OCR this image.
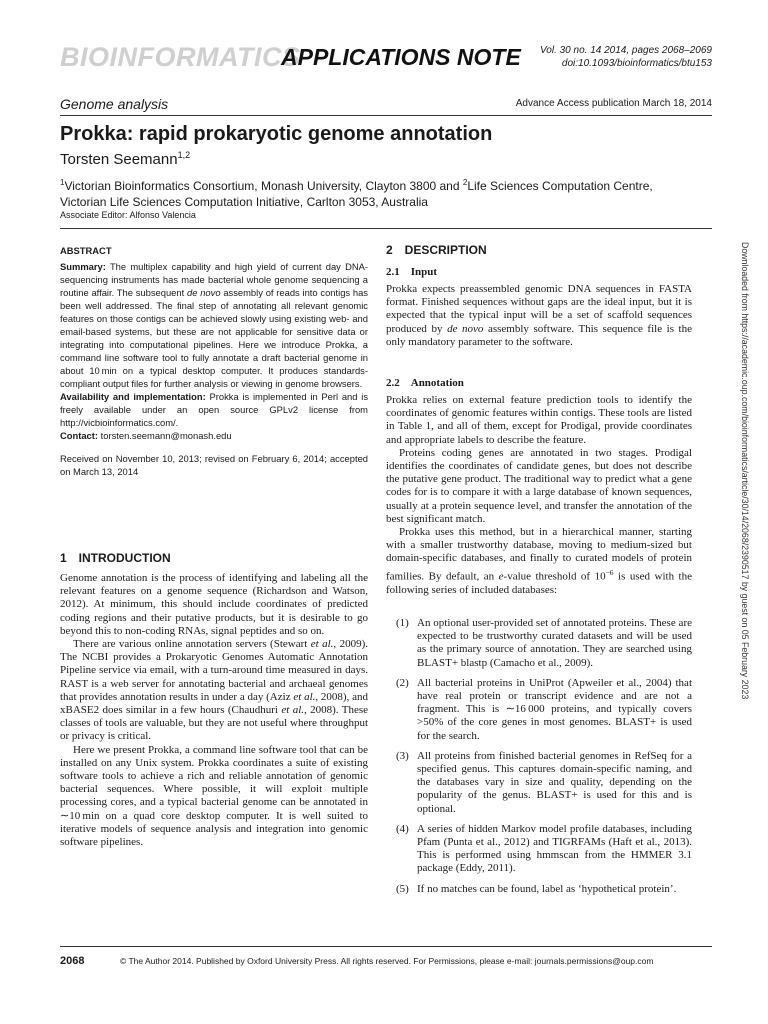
BIOINFORMATICS
APPLICATIONS NOTE Vol. 30 no. 14 2014, pages 2068–2069
doi:10.1093/bioinformatics/btu153
Genome analysis	Advance Access publication March 18, 2014
Prokka: rapid prokaryotic genome annotation
Torsten Seemann$^{1,2}$
$^1$Victorian Bioinformatics Consortium, Monash University, Clayton 3800 and $^2$Life Sciences Computation Centre, Victorian Life Sciences Computation Initiative, Carlton 3053, Australia
Associate Editor: Alfonso Valencia
ABSTRACT

Summary: The multiplex capability and high yield of current day DNA-sequencing instruments has made bacterial whole genome sequencing a routine affair. The subsequent de novo assembly of reads into contigs has been well addressed. The final step of annotating all relevant genomic features on those contigs can be achieved slowly using existing web- and email-based systems, but these are not applicable for sensitive data or integrating into computational pipelines. Here we introduce Prokka, a command line software tool to fully annotate a draft bacterial genome in about 10 min on a typical desktop computer. It produces standards-compliant output files for further analysis or viewing in genome browsers.

Availability and implementation: Prokka is implemented in Perl and is freely available under an open source GPLv2 license from http://vicbioinformatics.com/.

Contact: torsten.seemann@monash.edu

Received on November 10, 2013; revised on February 6, 2014; accepted on March 13, 2014

1 INTRODUCTION

Genome annotation is the process of identifying and labeling all the relevant features on a genome sequence (Richardson and Watson, 2012). At minimum, this should include coordinates of predicted coding regions and their putative products, but it is desirable to go beyond this to non-coding RNAs, signal peptides and so on.

There are various online annotation servers (Stewart et al., 2009). The NCBI provides a Prokaryotic Genomes Automatic Annotation Pipeline service via email, with a turn-around time measured in days. RAST is a web server for annotating bacterial and archaeal genomes that provides annotation results in under a day (Aziz et al., 2008), and xBASE2 does similar in a few hours (Chaudhuri et al., 2008). These classes of tools are valuable, but they are not useful where throughput or privacy is critical.

Here we present Prokka, a command line software tool that can be installed on any Unix system. Prokka coordinates a suite of existing software tools to achieve a rich and reliable annotation of genomic bacterial sequences. Where possible, it will exploit multiple processing cores, and a typical bacterial genome can be annotated in ∼10 min on a quad core desktop computer. It is well suited to iterative models of sequence analysis and integration into genomic software pipelines.

2 DESCRIPTION
2.1 Input

Prokka expects preassembled genomic DNA sequences in FASTA format. Finished sequences without gaps are the ideal input, but it is expected that the typical input will be a set of scaffold sequences produced by de novo assembly software. This sequence file is the only mandatory parameter to the software.

2.2 Annotation

Prokka relies on external feature prediction tools to identify the coordinates of genomic features within contigs. These tools are listed in Table 1, and all of them, except for Prodigal, provide coordinates and appropriate labels to describe the feature.

Proteins coding genes are annotated in two stages. Prodigal identifies the coordinates of candidate genes, but does not describe the putative gene product. The traditional way to predict what a gene codes for is to compare it with a large database of known sequences, usually at a protein sequence level, and transfer the annotation of the best significant match.

Prokka uses this method, but in a hierarchical manner, starting with a smaller trustworthy database, moving to medium-sized but domain-specific databases, and finally to curated models of protein families. By default, an e-value threshold of $10^{-6}$ is used with the following series of included databases:

(1) An optional user-provided set of annotated proteins. These are expected to be trustworthy curated datasets and will be used as the primary source of annotation. They are searched using BLAST+ blastp (Camacho et al., 2009).
(2) All bacterial proteins in UniProt (Apweiler et al., 2004) that have real protein or transcript evidence and are not a fragment. This is ∼16 000 proteins, and typically covers >50% of the core genes in most genomes. BLAST+ is used for the search.
(3) All proteins from finished bacterial genomes in RefSeq for a specified genus. This captures domain-specific naming, and the databases vary in size and quality, depending on the popularity of the genus. BLAST+ is used for this and is optional.
(4) A series of hidden Markov model profile databases, including Pfam (Punta et al., 2012) and TIGRFAMs (Haft et al., 2013). This is performed using hmmscan from the HMMER 3.1 package (Eddy, 2011).
(5) If no matches can be found, label as ‘hypothetical protein’.
2068	© The Author 2014. Published by Oxford University Press. All rights reserved. For Permissions, please e-mail: journals.permissions@oup.com
Downloaded from https://academic.oup.com/bioinformatics/article/30/14/2068/2390517 by guest on 05 February 2023
